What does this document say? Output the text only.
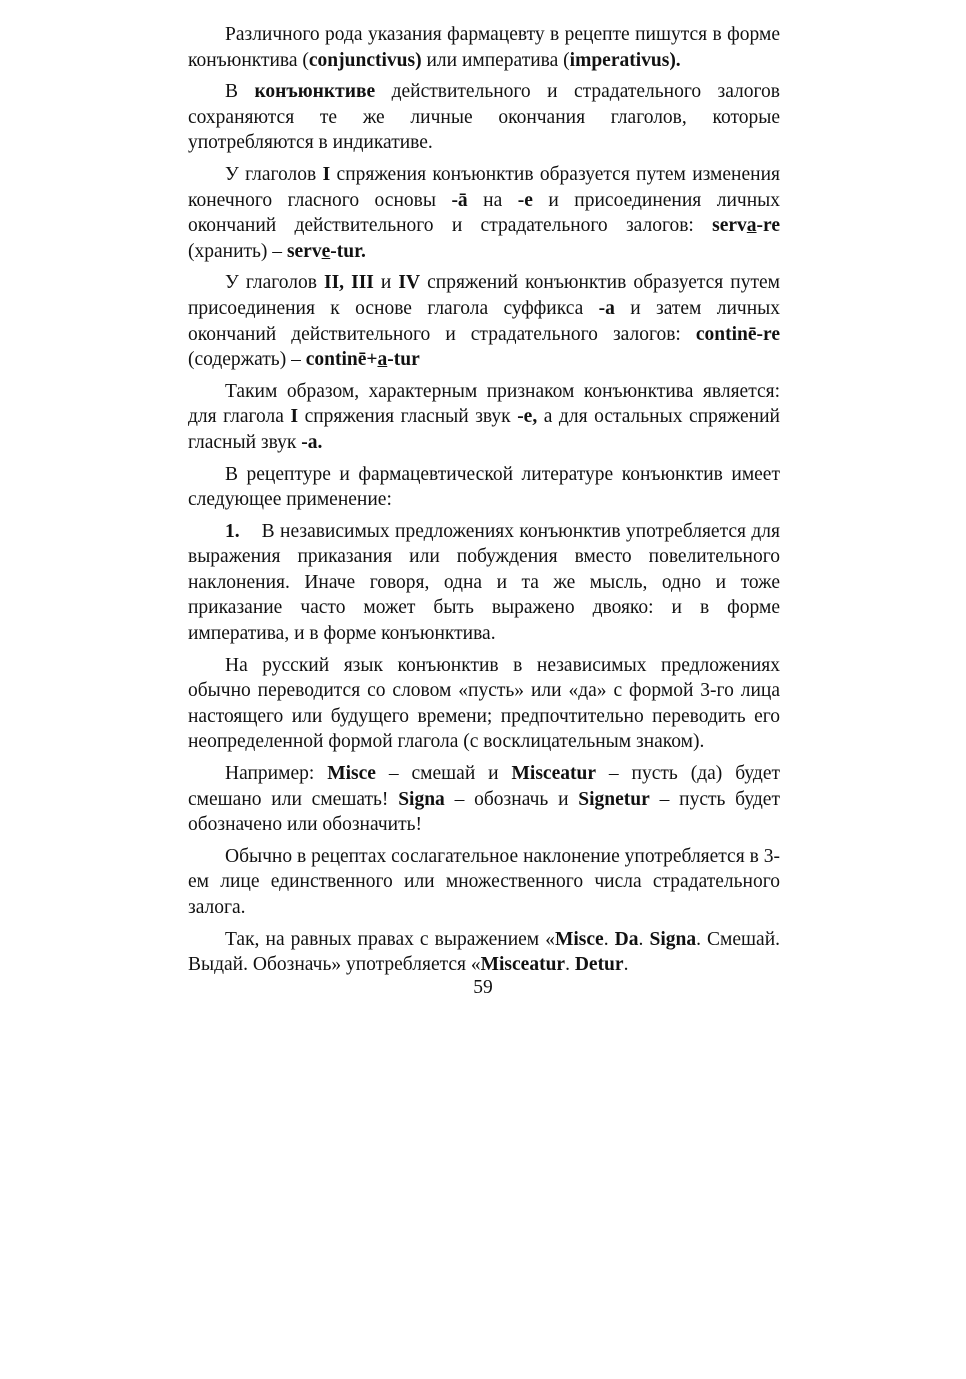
Различного рода указания фармацевту в рецепте пишутся в форме конъюнктива (conjunctivus) или императива (imperativus).

В конъюнктиве действительного и страдательного залогов сохраняются те же личные окончания глаголов, которые употребляются в индикативе.

У глаголов I спряжения конъюнктив образуется путем изменения конечного гласного основы -ā на -e и присоединения личных окончаний действительного и страдательного залогов: serva-re (хранить) – serve-tur.

У глаголов II, III и IV спряжений конъюнктив образуется путем присоединения к основе глагола суффикса -a и затем личных окончаний действительного и страдательного залогов: continē-re (содержать) – continē+a-tur

Таким образом, характерным признаком конъюнктива является: для глагола I спряжения гласный звук -e, а для остальных спряжений гласный звук -a.

В рецептуре и фармацевтической литературе конъюнктив имеет следующее применение:

1. В независимых предложениях конъюнктив употребляется для выражения приказания или побуждения вместо повелительного наклонения. Иначе говоря, одна и та же мысль, одно и тоже приказание часто может быть выражено двояко: и в форме императива, и в форме конъюнктива.

На русский язык конъюнктив в независимых предложениях обычно переводится со словом «пусть» или «да» с формой 3-го лица настоящего или будущего времени; предпочтительно переводить его неопределенной формой глагола (с восклицательным знаком).

Например: Misce – смешай и Misceatur – пусть (да) будет смешано или смешать! Signa – обозначь и Signetur – пусть будет обозначено или обозначить!

Обычно в рецептах сослагательное наклонение употребляется в 3-ем лице единственного или множественного числа страдательного залога.

Так, на равных правах с выражением «Misce. Da. Signa. Смешай. Выдай. Обозначь» употребляется «Misceatur. Detur.

59
